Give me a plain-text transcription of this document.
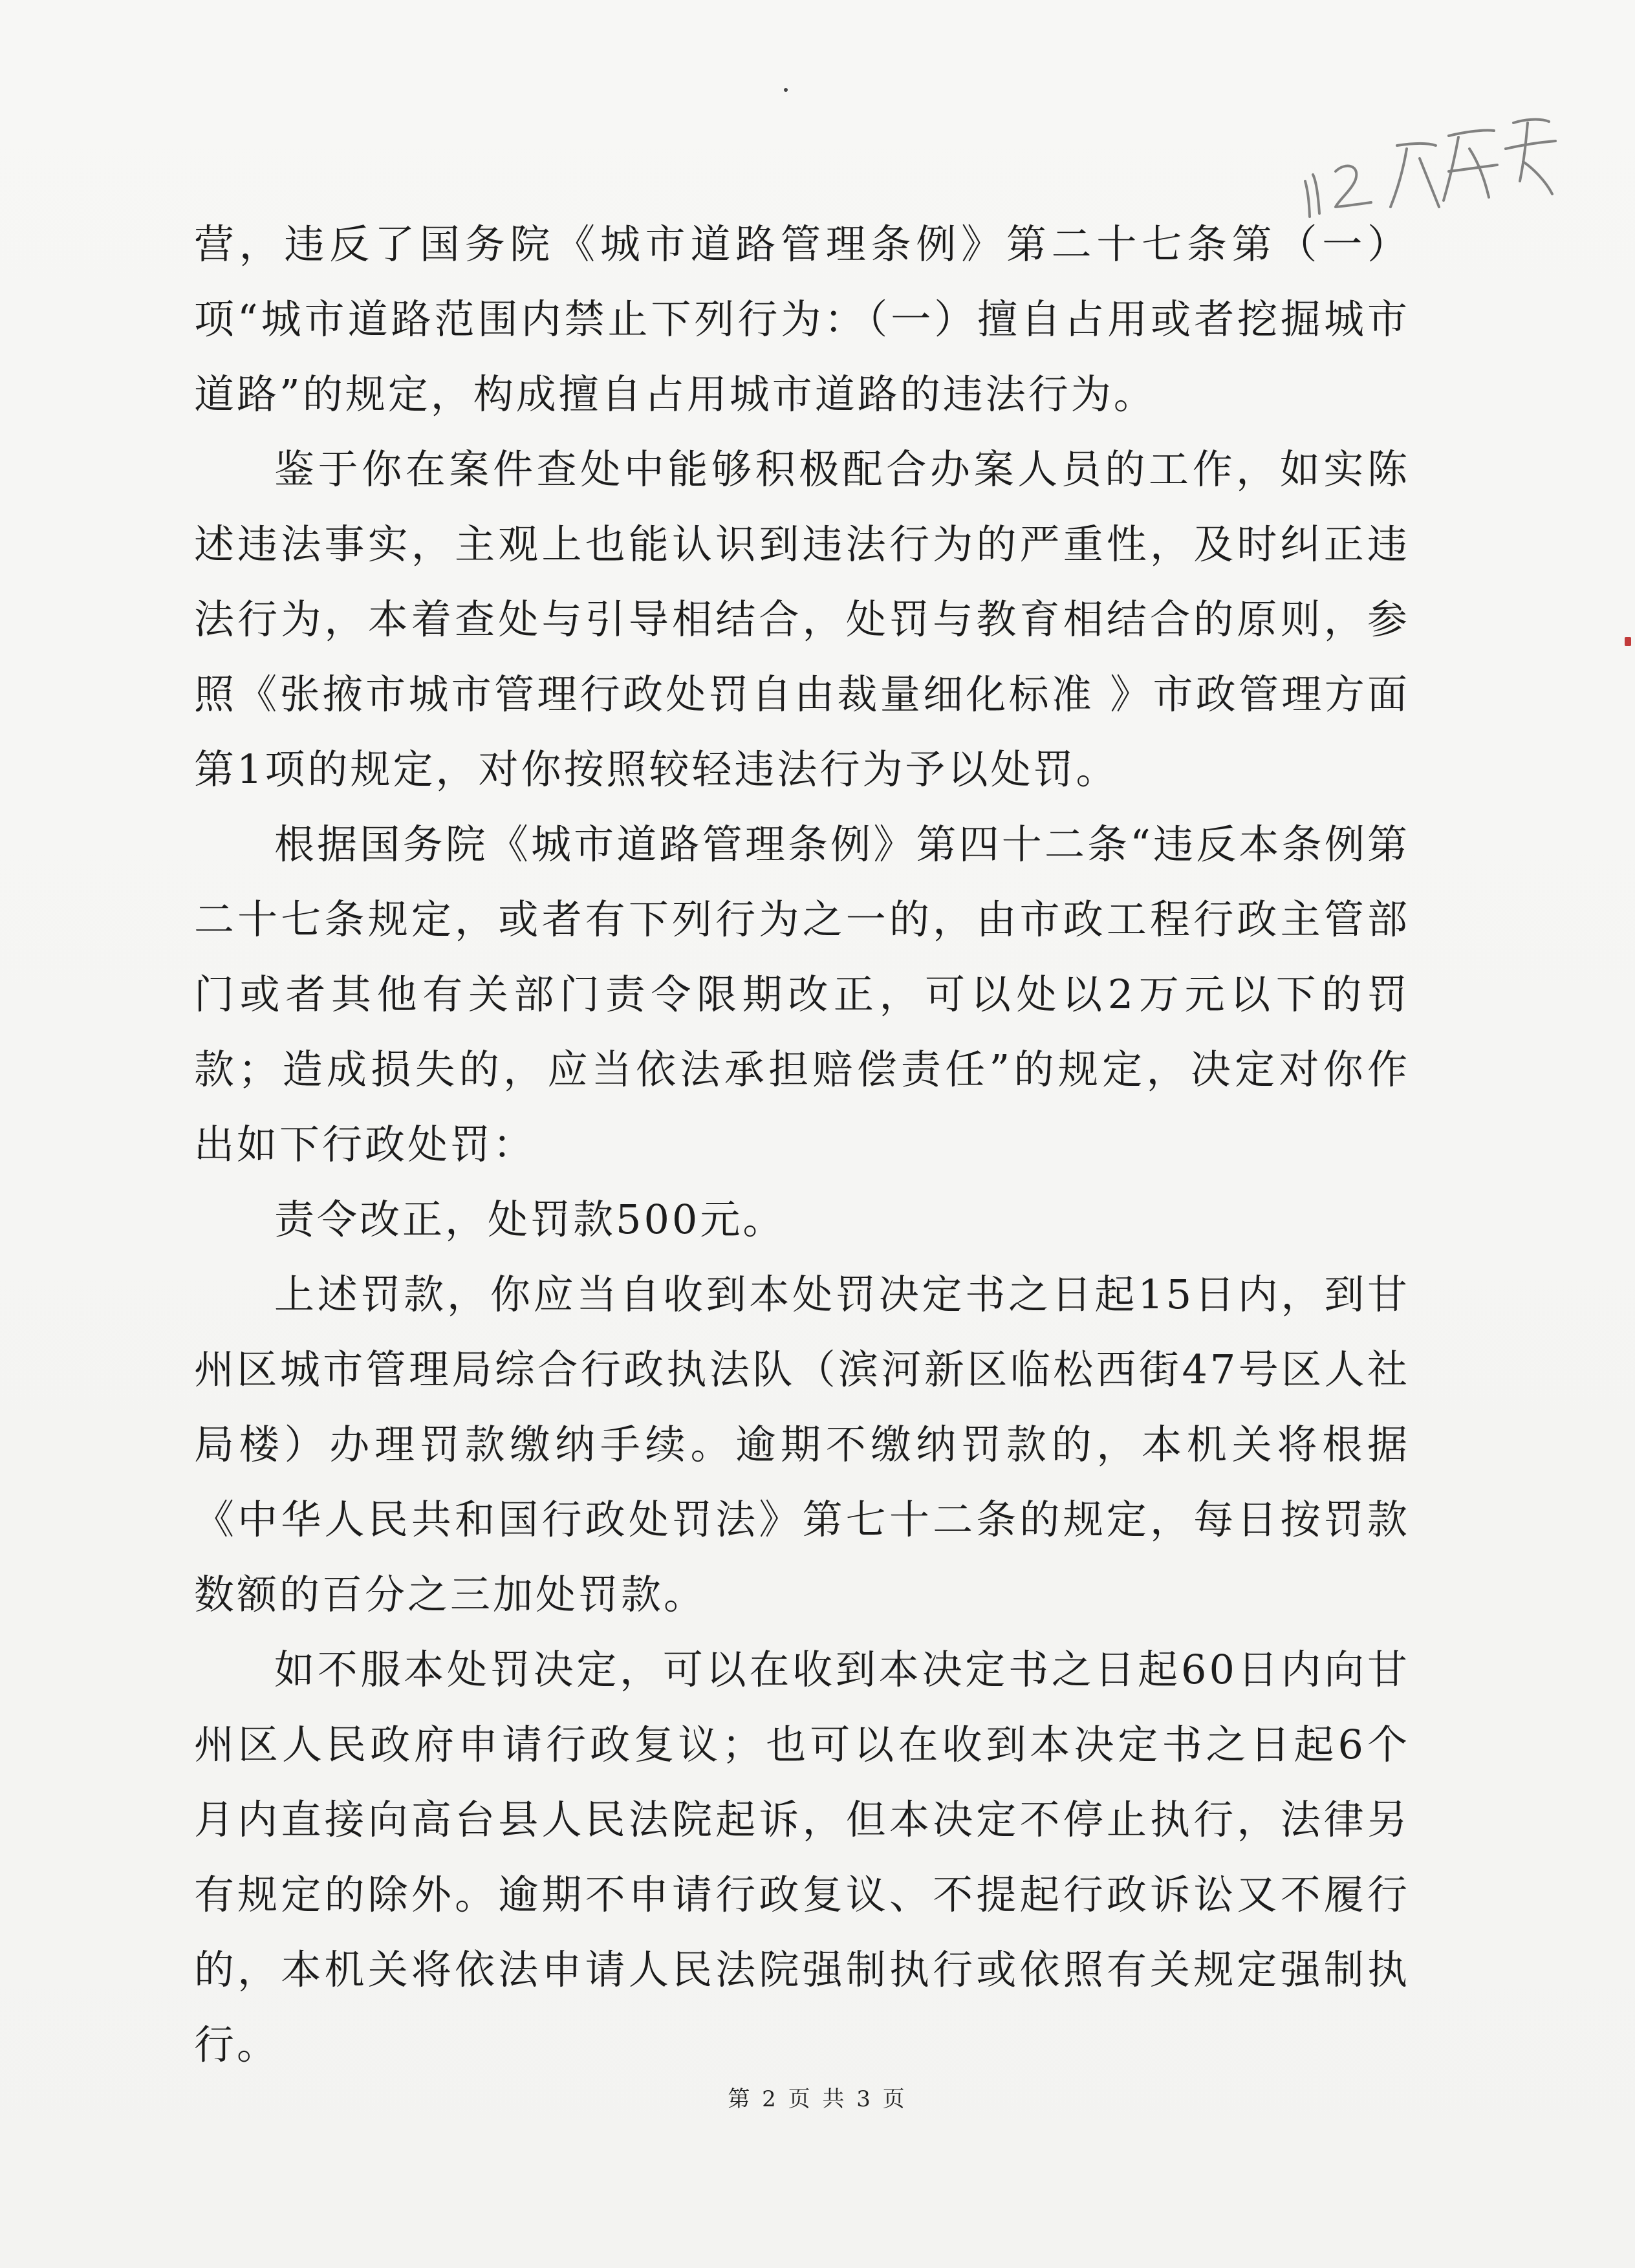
营，违反了国务院《城市道路管理条例》第二十七条第（一）项“城市道路范围内禁止下列行为：（一）擅自占用或者挖掘城市道路”的规定，构成擅自占用城市道路的违法行为。

鉴于你在案件查处中能够积极配合办案人员的工作，如实陈述违法事实，主观上也能认识到违法行为的严重性，及时纠正违法行为，本着查处与引导相结合，处罚与教育相结合的原则，参照《张掖市城市管理行政处罚自由裁量细化标准 》市政管理方面第1项的规定，对你按照较轻违法行为予以处罚。

根据国务院《城市道路管理条例》第四十二条“违反本条例第二十七条规定，或者有下列行为之一的，由市政工程行政主管部门或者其他有关部门责令限期改正，可以处以2万元以下的罚款；造成损失的，应当依法承担赔偿责任”的规定，决定对你作出如下行政处罚：

责令改正，处罚款500元。

上述罚款，你应当自收到本处罚决定书之日起15日内，到甘州区城市管理局综合行政执法队（滨河新区临松西街47号区人社局楼）办理罚款缴纳手续。逾期不缴纳罚款的，本机关将根据《中华人民共和国行政处罚法》第七十二条的规定，每日按罚款数额的百分之三加处罚款。

如不服本处罚决定，可以在收到本决定书之日起60日内向甘州区人民政府申请行政复议；也可以在收到本决定书之日起6个月内直接向高台县人民法院起诉，但本决定不停止执行，法律另有规定的除外。逾期不申请行政复议、不提起行政诉讼又不履行的，本机关将依法申请人民法院强制执行或依照有关规定强制执行。

第 2 页 共 3 页
